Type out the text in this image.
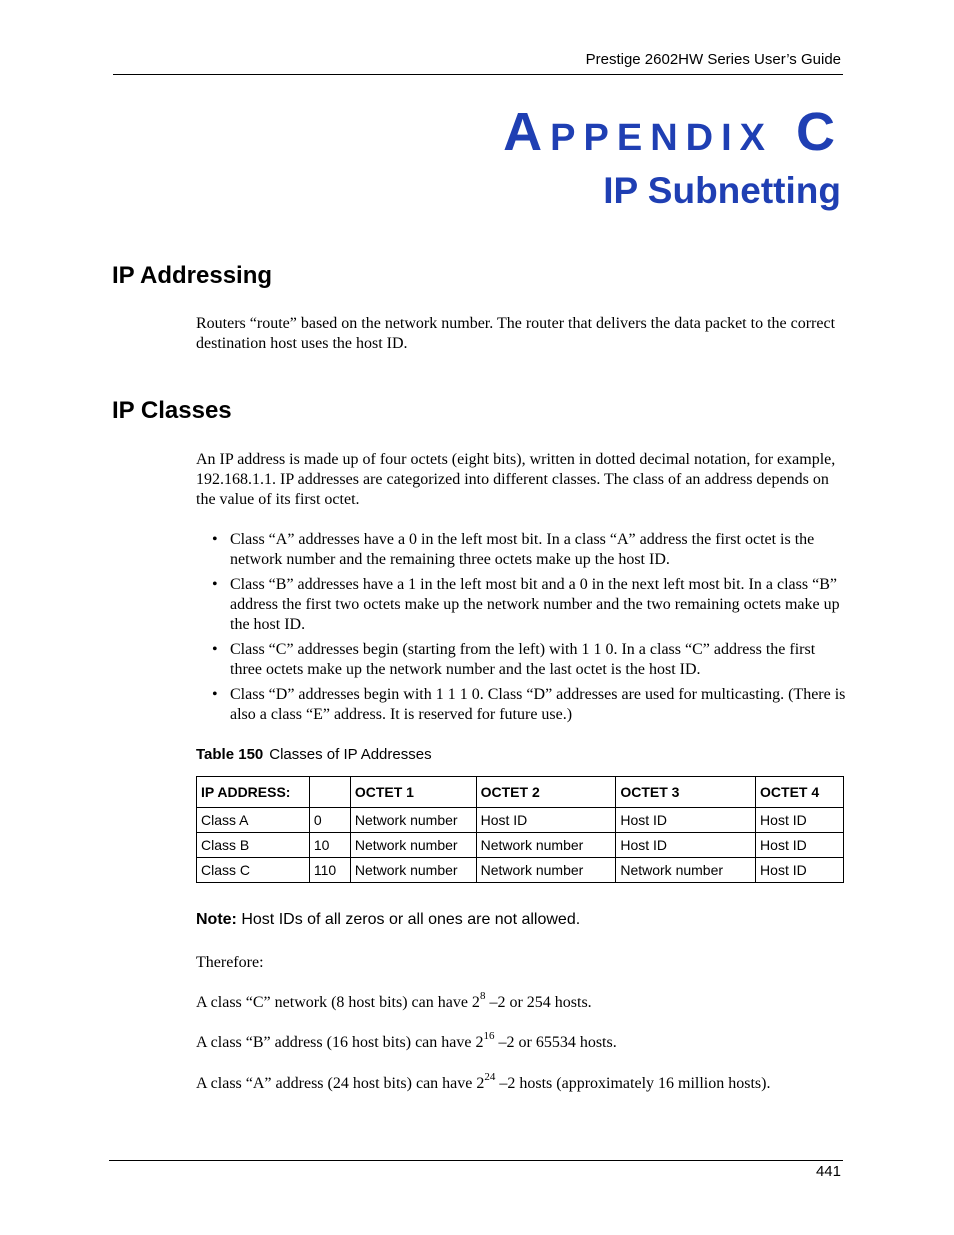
Prestige 2602HW Series User’s Guide
Appendix C
IP Subnetting
IP Addressing

Routers “route” based on the network number. The router that delivers the data packet to the correct destination host uses the host ID.

IP Classes

An IP address is made up of four octets (eight bits), written in dotted decimal notation, for example, 192.168.1.1. IP addresses are categorized into different classes. The class of an address depends on the value of its first octet.

• Class “A” addresses have a 0 in the left most bit. In a class “A” address the first octet is the network number and the remaining three octets make up the host ID.
• Class “B” addresses have a 1 in the left most bit and a 0 in the next left most bit. In a class “B” address the first two octets make up the network number and the two remaining octets make up the host ID.
• Class “C” addresses begin (starting from the left) with 1 1 0. In a class “C” address the first three octets make up the network number and the last octet is the host ID.
• Class “D” addresses begin with 1 1 1 0. Class “D” addresses are used for multicasting. (There is also a class “E” address. It is reserved for future use.)
Table 150 Classes of IP Addresses
IP ADDRESS:		OCTET 1	OCTET 2	OCTET 3	OCTET 4
Class A	0	Network number	Host ID	Host ID	Host ID
Class B	10	Network number	Network number	Host ID	Host ID
Class C	110	Network number	Network number	Network number	Host ID
Note: Host IDs of all zeros or all ones are not allowed.

Therefore:

A class “C” network (8 host bits) can have $2^8$ –2 or 254 hosts.

A class “B” address (16 host bits) can have $2^{16}$ –2 or 65534 hosts.

A class “A” address (24 host bits) can have $2^{24}$ –2 hosts (approximately 16 million hosts).

441
